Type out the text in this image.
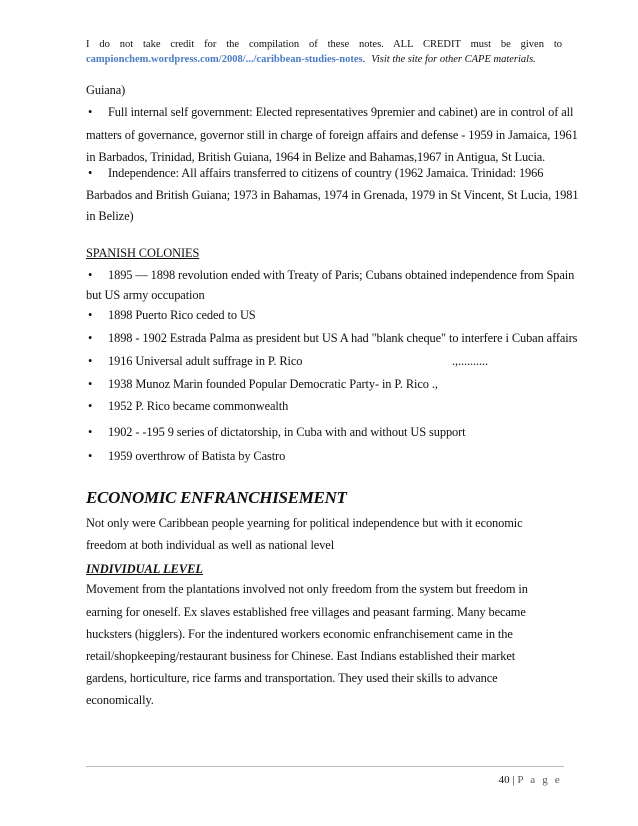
I do not take credit for the compilation of these notes. ALL CREDIT must be given to
campionchem.wordpress.com/2008/.../caribbean-studies-notes. Visit the site for other CAPE materials.
Guiana)
• Full internal self government: Elected representatives 9premier and cabinet) are in control of all
matters of governance, governor still in charge of foreign affairs and defense - 1959 in Jamaica, 1961
in Barbados, Trinidad, British Guiana, 1964 in Belize and Bahamas,1967 in Antigua, St Lucia.
• Independence: All affairs transferred to citizens of country (1962 Jamaica. Trinidad: 1966
Barbados and British Guiana; 1973 in Bahamas, 1974 in Grenada, 1979 in St Vincent, St Lucia, 1981
in Belize)
SPANISH COLONIES
• 1895 — 1898 revolution ended with Treaty of Paris; Cubans obtained independence from Spain
but US army occupation
• 1898 Puerto Rico ceded to US
• 1898 - 1902 Estrada Palma as president but US A had "blank cheque" to interfere i Cuban affairs
• 1916 Universal adult suffrage in P. Rico	.,..........
• 1938 Munoz Marin founded Popular Democratic Party- in P. Rico .,
• 1952 P. Rico became commonwealth
• 1902 - -195 9 series of dictatorship, in Cuba with and without US support
• 1959 overthrow of Batista by Castro
ECONOMIC ENFRANCHISEMENT
Not only were Caribbean people yearning for political independence but with it economic
freedom at both individual as well as national level
INDIVIDUAL LEVEL
Movement from the plantations involved not only freedom from the system but freedom in
earning for oneself. Ex slaves established free villages and peasant farming. Many became
hucksters (higglers). For the indentured workers economic enfranchisement came in the
retail/shopkeeping/restaurant business for Chinese. East Indians established their market
gardens, horticulture, rice farms and transportation. They used their skills to advance
economically.
40 | P a g e
